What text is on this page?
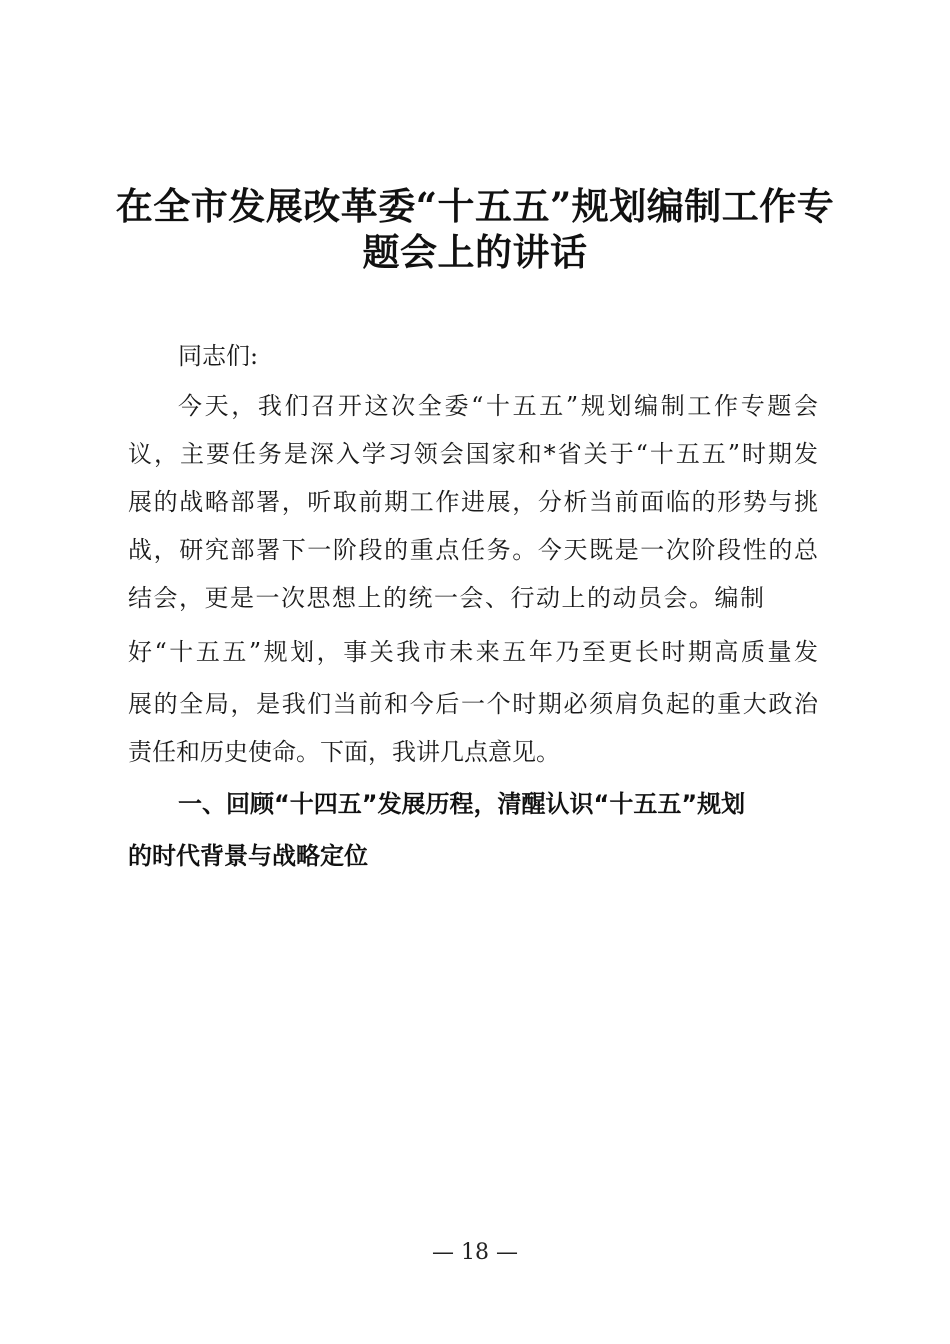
在全市发展改革委“十五五”规划编制工作专
题会上的讲话
同志们:
今天，我们召开这次全委“十五五”规划编制工作专题会
议，主要任务是深入学习领会国家和*省关于“十五五”时期发
展的战略部署，听取前期工作进展，分析当前面临的形势与挑
战，研究部署下一阶段的重点任务。今天既是一次阶段性的总
结会，更是一次思想上的统一会、行动上的动员会。编制
好“十五五”规划，事关我市未来五年乃至更长时期高质量发
展的全局，是我们当前和今后一个时期必须肩负起的重大政治
责任和历史使命。下面，我讲几点意见。
一、回顾“十四五”发展历程，清醒认识“十五五”规划
的时代背景与战略定位
— 18 —
